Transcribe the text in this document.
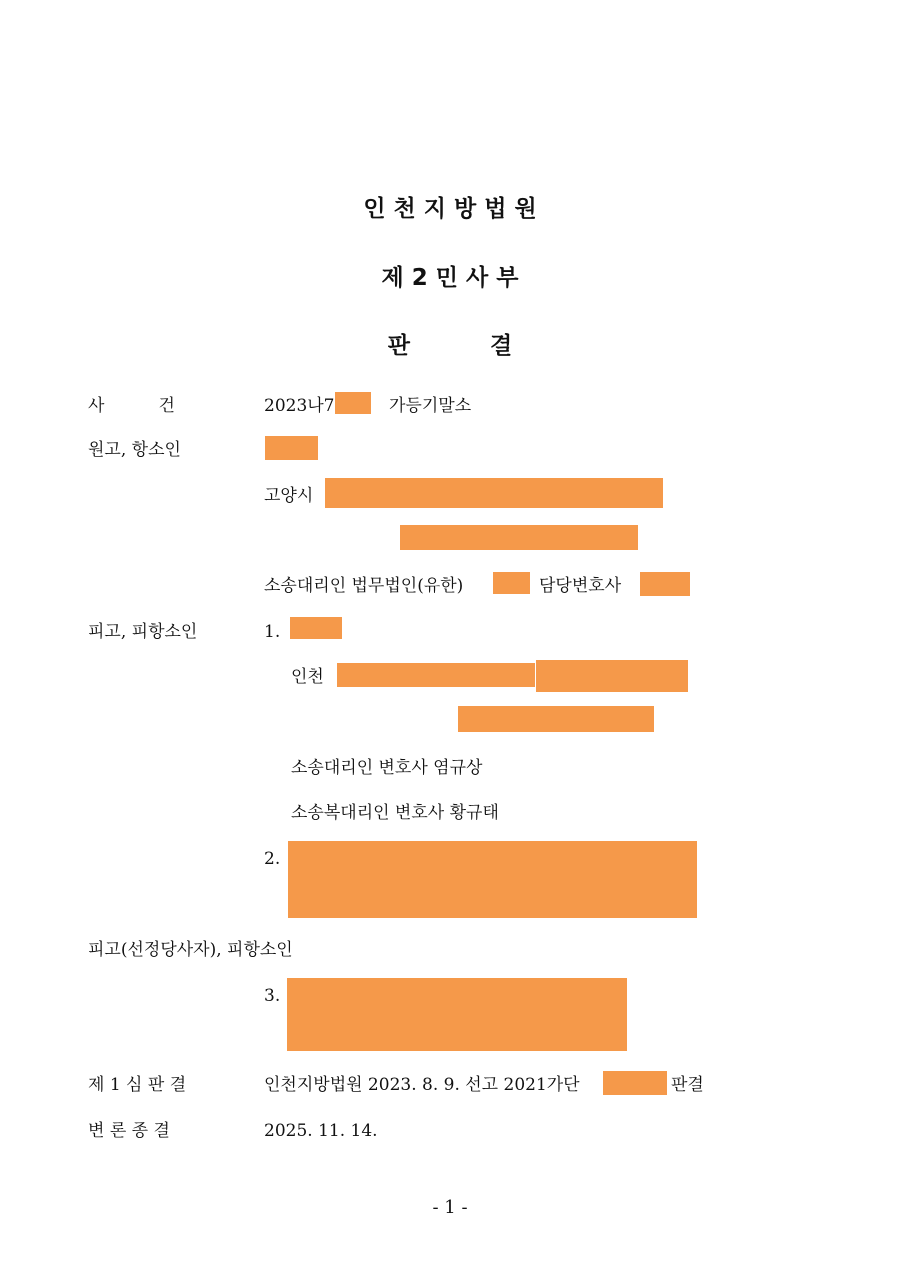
인 천 지 방 법 원
제 2 민 사 부
판          결
사          건	2023나7	가등기말소
원고, 항소인
고양시
소송대리인 법무법인(유한)	담당변호사
피고, 피항소인	1.
인천
소송대리인 변호사 염규상
소송복대리인 변호사 황규태
2.
피고(선정당사자), 피항소인
3.
제 1 심 판 결	인천지방법원 2023. 8. 9. 선고 2021가단	판결
변 론 종 결	2025. 11. 14.
- 1 -
